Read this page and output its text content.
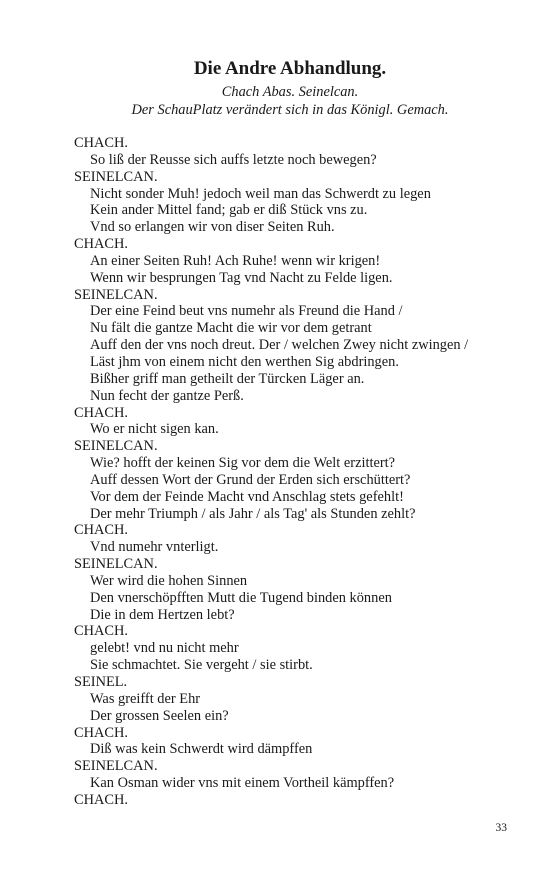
Die Andre Abhandlung.
Chach Abas. Seinelcan.
Der SchauPlatz verändert sich in das Königl. Gemach.
CHACH.
So liß der Reusse sich auffs letzte noch bewegen?
SEINELCAN.
Nicht sonder Muh! jedoch weil man das Schwerdt zu legen
Kein ander Mittel fand; gab er diß Stück vns zu.
Vnd so erlangen wir von diser Seiten Ruh.
CHACH.
An einer Seiten Ruh! Ach Ruhe! wenn wir krigen!
Wenn wir besprungen Tag vnd Nacht zu Felde ligen.
SEINELCAN.
Der eine Feind beut vns numehr als Freund die Hand /
Nu fält die gantze Macht die wir vor dem getrant
Auff den der vns noch dreut. Der / welchen Zwey nicht zwingen /
Läst jhm von einem nicht den werthen Sig abdringen.
Bißher griff man getheilt der Türcken Läger an.
Nun fecht der gantze Perß.
CHACH.
Wo er nicht sigen kan.
SEINELCAN.
Wie? hofft der keinen Sig vor dem die Welt erzittert?
Auff dessen Wort der Grund der Erden sich erschüttert?
Vor dem der Feinde Macht vnd Anschlag stets gefehlt!
Der mehr Triumph / als Jahr / als Tag' als Stunden zehlt?
CHACH.
Vnd numehr vnterligt.
SEINELCAN.
Wer wird die hohen Sinnen
Den vnerschöpfften Mutt die Tugend binden können
Die in dem Hertzen lebt?
CHACH.
gelebt! vnd nu nicht mehr
Sie schmachtet. Sie vergeht / sie stirbt.
SEINEL.
Was greifft der Ehr
Der grossen Seelen ein?
CHACH.
Diß was kein Schwerdt wird dämpffen
SEINELCAN.
Kan Osman wider vns mit einem Vortheil kämpffen?
CHACH.
33
